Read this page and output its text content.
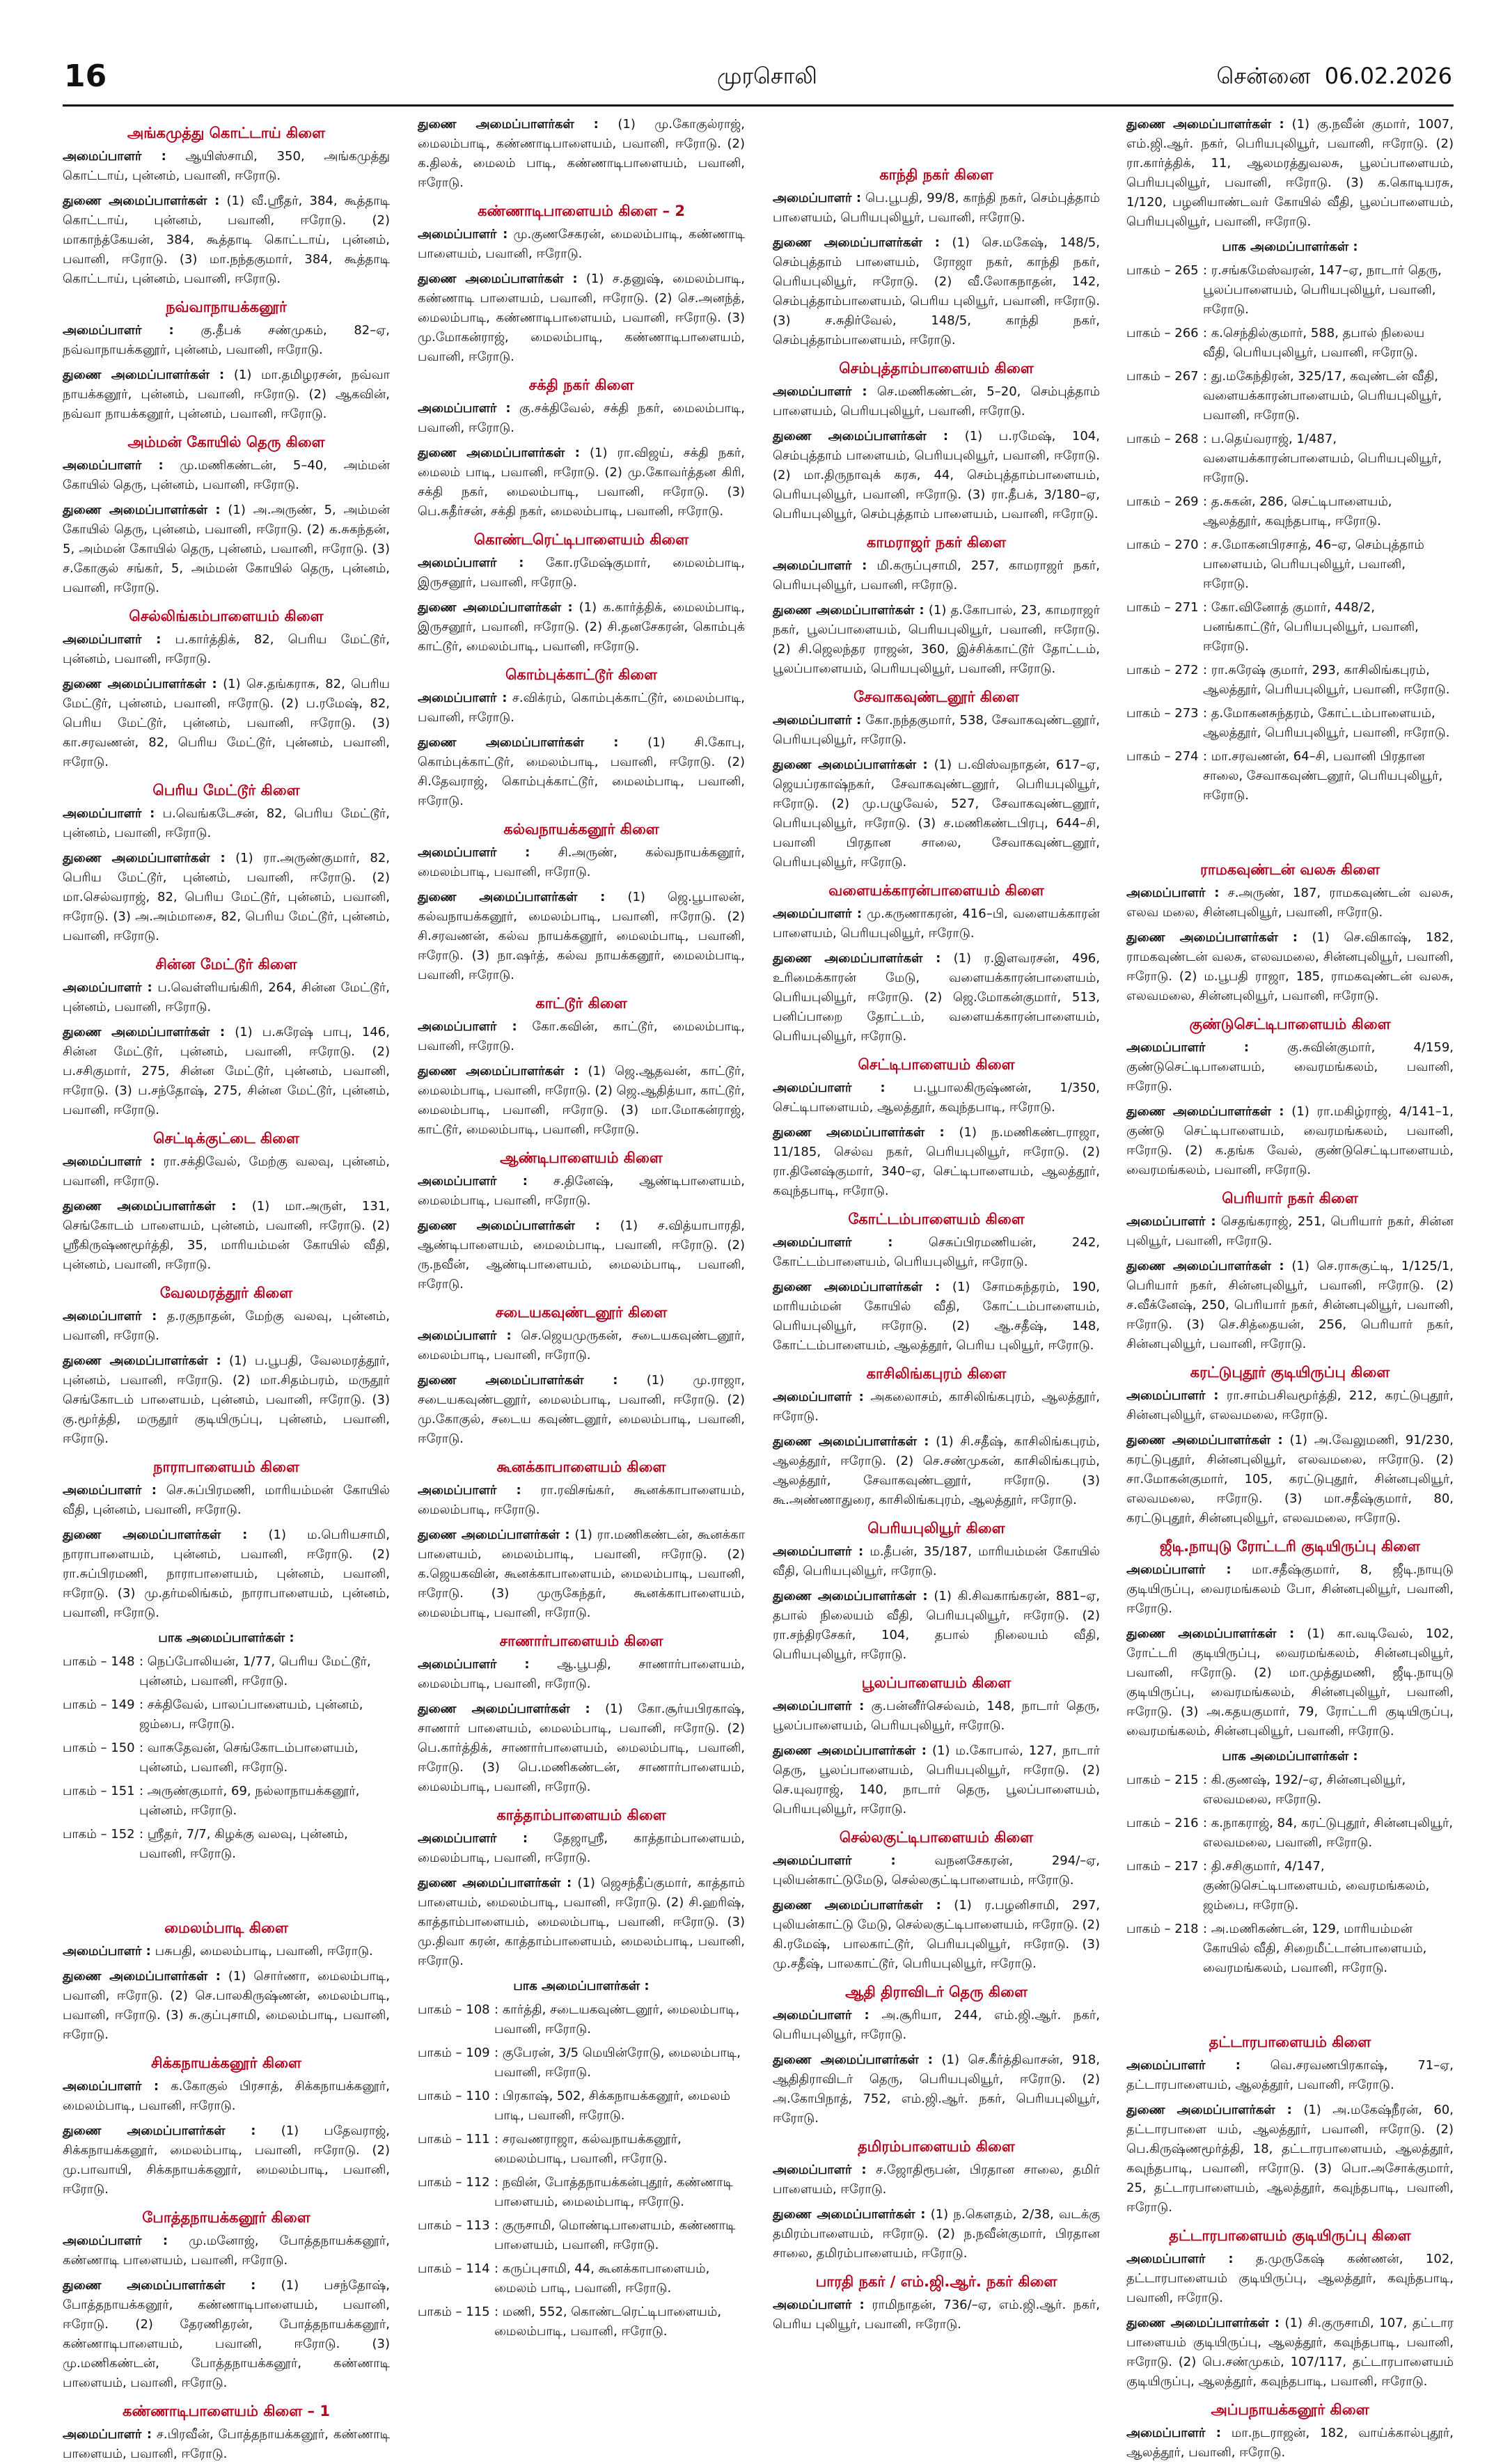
16	முரசொலி	சென்னை 06.02.2026
அங்கமுத்து கொட்டாய் கிளை

அமைப்பாளர் : ஆயிஸ்சாமி, 350, அங்கமுத்து கொட்டாய், புன்னம், பவானி, ஈரோடு.

துணை அமைப்பாளர்கள் : (1) வீ.ஸ்ரீதர், 384, கூத்தாடி கொட்டாய், புன்னம், பவானி, ஈரோடு. (2) மாகாந்த்கேயன், 384, கூத்தாடி கொட்டாய், புன்னம், பவானி, ஈரோடு. (3) மா.நந்தகுமார், 384, கூத்தாடி கொட்டாய், புன்னம், பவானி, ஈரோடு.

நவ்வாநாயக்கனூர்

அமைப்பாளர் : கு.தீபக் சண்முகம், 82–ஏ, நவ்வாநாயக்கனூர், புன்னம், பவானி, ஈரோடு.

துணை அமைப்பாளர்கள் : (1) மா.தமிழரசன், நவ்வா நாயக்கனூர், புன்னம், பவானி, ஈரோடு. (2) ஆகவின், நவ்வா நாயக்கனூர், புன்னம், பவானி, ஈரோடு.

அம்மன் கோயில் தெரு கிளை

அமைப்பாளர் : மு.மணிகண்டன், 5–40, அம்மன் கோயில் தெரு, புன்னம், பவானி, ஈரோடு.

துணை அமைப்பாளர்கள் : (1) அ.அருண், 5, அம்மன் கோயில் தெரு, புன்னம், பவானி, ஈரோடு. (2) க.சுகந்தன், 5, அம்மன் கோயில் தெரு, புன்னம், பவானி, ஈரோடு. (3) ச.கோகுல் சங்கர், 5, அம்மன் கோயில் தெரு, புன்னம், பவானி, ஈரோடு.

செல்லிங்கம்பாளையம் கிளை

அமைப்பாளர் : ப.கார்த்திக், 82, பெரிய மேட்டூர், புன்னம், பவானி, ஈரோடு.

துணை அமைப்பாளர்கள் : (1) செ.தங்கராசு, 82, பெரிய மேட்டூர், புன்னம், பவானி, ஈரோடு. (2) ப.ரமேஷ், 82, பெரிய மேட்டூர், புன்னம், பவானி, ஈரோடு. (3) கா.சரவணன், 82, பெரிய மேட்டூர், புன்னம், பவானி, ஈரோடு.

பெரிய மேட்டூர் கிளை

அமைப்பாளர் : ப.வெங்கடேசன், 82, பெரிய மேட்டூர், புன்னம், பவானி, ஈரோடு.

துணை அமைப்பாளர்கள் : (1) ரா.அருண்குமார், 82, பெரிய மேட்டூர், புன்னம், பவானி, ஈரோடு. (2) மா.செல்வராஜ், 82, பெரிய மேட்டூர், புன்னம், பவானி, ஈரோடு. (3) அ.அம்மாசை, 82, பெரிய மேட்டூர், புன்னம், பவானி, ஈரோடு.

சின்ன மேட்டூர் கிளை

அமைப்பாளர் : ப.வெள்ளியங்கிரி, 264, சின்ன மேட்டூர், புன்னம், பவானி, ஈரோடு.

துணை அமைப்பாளர்கள் : (1) ப.சுரேஷ் பாபு, 146, சின்ன மேட்டூர், புன்னம், பவானி, ஈரோடு. (2) ப.சசிகுமார், 275, சின்ன மேட்டூர், புன்னம், பவானி, ஈரோடு. (3) ப.சந்தோஷ், 275, சின்ன மேட்டூர், புன்னம், பவானி, ஈரோடு.

செட்டிக்குட்டை கிளை

அமைப்பாளர் : ரா.சக்திவேல், மேற்கு வலவு, புன்னம், பவானி, ஈரோடு.

துணை அமைப்பாளர்கள் : (1) மா.அருள், 131, செங்கோடம் பாளையம், புன்னம், பவானி, ஈரோடு. (2) ஸ்ரீகிருஷ்ணமூர்த்தி, 35, மாரியம்மன் கோயில் வீதி, புன்னம், பவானி, ஈரோடு.

வேலமரத்தூர் கிளை

அமைப்பாளர் : த.ரகுநாதன், மேற்கு வலவு, புன்னம், பவானி, ஈரோடு.

துணை அமைப்பாளர்கள் : (1) ப.பூபதி, வேலமரத்தூர், புன்னம், பவானி, ஈரோடு. (2) மா.சிதம்பரம், மருதூர் செங்கோடம் பாளையம், புன்னம், பவானி, ஈரோடு. (3) கு.மூர்த்தி, மருதூர் குடியிருப்பு, புன்னம், பவானி, ஈரோடு.

நாராபாளையம் கிளை

அமைப்பாளர் : செ.சுப்பிரமணி, மாரியம்மன் கோயில் வீதி, புன்னம், பவானி, ஈரோடு.

துணை அமைப்பாளர்கள் : (1) ம.பெரியசாமி, நாராபாளையம், புன்னம், பவானி, ஈரோடு. (2) ரா.சுப்பிரமணி, நாராபாளையம், புன்னம், பவானி, ஈரோடு. (3) மு.தர்மலிங்கம், நாராபாளையம், புன்னம், பவானி, ஈரோடு.

பாக அமைப்பாளர்கள் :
பாகம் – 148 : நெப்போலியன், 1/77, பெரிய மேட்டூர், புன்னம், பவானி, ஈரோடு.
பாகம் – 149 : சக்திவேல், பாலப்பாளையம், புன்னம், ஜம்பை, ஈரோடு.
பாகம் – 150 : வாசுதேவன், செங்கோடம்பாளையம், புன்னம், பவானி, ஈரோடு.
பாகம் – 151 : அருண்குமார், 69, நல்லாநாயக்கனூர், புன்னம், ஈரோடு.
பாகம் – 152 : ஸ்ரீதர், 7/7, கிழக்கு வலவு, புன்னம், பவானி, ஈரோடு.
மைலம்பாடி கிளை

அமைப்பாளர் : பசுபதி, மைலம்பாடி, பவானி, ஈரோடு.

துணை அமைப்பாளர்கள் : (1) சொர்ணா, மைலம்பாடி, பவானி, ஈரோடு. (2) செ.பாலகிருஷ்ணன், மைலம்பாடி, பவானி, ஈரோடு. (3) சு.குப்புசாமி, மைலம்பாடி, பவானி, ஈரோடு.

சிக்கநாயக்கனூர் கிளை

அமைப்பாளர் : க.கோகுல் பிரசாத், சிக்கநாயக்கனூர், மைலம்பாடி, பவானி, ஈரோடு.

துணை அமைப்பாளர்கள் : (1) பதேவராஜ், சிக்கநாயக்கனூர், மைலம்பாடி, பவானி, ஈரோடு. (2) மு.பாவாயி, சிக்கநாயக்கனூர், மைலம்பாடி, பவானி, ஈரோடு.

போத்தநாயக்கனூர் கிளை

அமைப்பாளர் : மு.மனோஜ், போத்தநாயக்கனூர், கண்ணாடி பாளையம், பவானி, ஈரோடு.

துணை அமைப்பாளர்கள் : (1) பசந்தோஷ், போத்தநாயக்கனூர், கண்ணாடிபாளையம், பவானி, ஈரோடு. (2) தேரணிதரன், போத்தநாயக்கனூர், கண்ணாடிபாளையம், பவானி, ஈரோடு. (3) மு.மணிகண்டன், போத்தநாயக்கனூர், கண்ணாடி பாளையம், பவானி, ஈரோடு.

கண்ணாடிபாளையம் கிளை – 1

அமைப்பாளர் : ச.பிரவீன், போத்தநாயக்கனூர், கண்ணாடி பாளையம், பவானி, ஈரோடு.

துணை அமைப்பாளர்கள் : (1) மு.கோகுல்ராஜ், மைலம்பாடி, கண்ணாடிபாளையம், பவானி, ஈரோடு. (2) க.திலக், மைலம் பாடி, கண்ணாடிபாளையம், பவானி, ஈரோடு.

கண்ணாடிபாளையம் கிளை – 2

அமைப்பாளர் : மு.குணசேகரன், மைலம்பாடி, கண்ணாடி பாளையம், பவானி, ஈரோடு.

துணை அமைப்பாளர்கள் : (1) ச.தனுஷ், மைலம்பாடி, கண்ணாடி பாளையம், பவானி, ஈரோடு. (2) செ.அனந்த், மைலம்பாடி, கண்ணாடிபாளையம், பவானி, ஈரோடு. (3) மு.மோகன்ராஜ், மைலம்பாடி, கண்ணாடிபாளையம், பவானி, ஈரோடு.

சக்தி நகர் கிளை

அமைப்பாளர் : கு.சக்திவேல், சக்தி நகர், மைலம்பாடி, பவானி, ஈரோடு.

துணை அமைப்பாளர்கள் : (1) ரா.விஜய், சக்தி நகர், மைலம் பாடி, பவானி, ஈரோடு. (2) மு.கோவர்த்தன கிரி, சக்தி நகர், மைலம்பாடி, பவானி, ஈரோடு. (3) பெ.சுதீர்சன், சக்தி நகர், மைலம்பாடி, பவானி, ஈரோடு.

கொண்டரெட்டிபாளையம் கிளை

அமைப்பாளர் : கோ.ரமேஷ்குமார், மைலம்பாடி, இருசனூர், பவானி, ஈரோடு.

துணை அமைப்பாளர்கள் : (1) க.கார்த்திக், மைலம்பாடி, இருசனூர், பவானி, ஈரோடு. (2) சி.தனசேகரன், கொம்புக் காட்டூர், மைலம்பாடி, பவானி, ஈரோடு.

கொம்புக்காட்டூர் கிளை

அமைப்பாளர் : ச.விக்ரம், கொம்புக்காட்டூர், மைலம்பாடி, பவானி, ஈரோடு.

துணை அமைப்பாளர்கள் : (1) சி.கோபு, கொம்புக்காட்டூர், மைலம்பாடி, பவானி, ஈரோடு. (2) சி.தேவராஜ், கொம்புக்காட்டூர், மைலம்பாடி, பவானி, ஈரோடு.

கல்வநாயக்கனூர் கிளை

அமைப்பாளர் : சி.அருண், கல்வநாயக்கனூர், மைலம்பாடி, பவானி, ஈரோடு.

துணை அமைப்பாளர்கள் : (1) ஜெ.பூபாலன், கல்வநாயக்கனூர், மைலம்பாடி, பவானி, ஈரோடு. (2) சி.சரவணன், கல்வ நாயக்கனூர், மைலம்பாடி, பவானி, ஈரோடு. (3) நா.ஷர்த், கல்வ நாயக்கனூர், மைலம்பாடி, பவானி, ஈரோடு.

காட்டூர் கிளை

அமைப்பாளர் : கோ.கவின், காட்டூர், மைலம்பாடி, பவானி, ஈரோடு.

துணை அமைப்பாளர்கள் : (1) ஜெ.ஆதவன், காட்டூர், மைலம்பாடி, பவானி, ஈரோடு. (2) ஜெ.ஆதித்யா, காட்டூர், மைலம்பாடி, பவானி, ஈரோடு. (3) மா.மோகன்ராஜ், காட்டூர், மைலம்பாடி, பவானி, ஈரோடு.

ஆண்டிபாளையம் கிளை

அமைப்பாளர் : ச.தினேஷ், ஆண்டிபாளையம், மைலம்பாடி, பவானி, ஈரோடு.

துணை அமைப்பாளர்கள் : (1) ச.வித்யாபாரதி, ஆண்டிபாளையம், மைலம்பாடி, பவானி, ஈரோடு. (2) ரு.நவீன், ஆண்டிபாளையம், மைலம்பாடி, பவானி, ஈரோடு.

சடையகவுண்டனூர் கிளை

அமைப்பாளர் : செ.ஜெயமுருகன், சடையகவுண்டனூர், மைலம்பாடி, பவானி, ஈரோடு.

துணை அமைப்பாளர்கள் : (1) மு.ராஜா, சடையகவுண்டனூர், மைலம்பாடி, பவானி, ஈரோடு. (2) மு.கோகுல், சடைய கவுண்டனூர், மைலம்பாடி, பவானி, ஈரோடு.

கூனக்காபாளையம் கிளை

அமைப்பாளர் : ரா.ரவிசங்கர், கூனக்காபாளையம், மைலம்பாடி, ஈரோடு.

துணை அமைப்பாளர்கள் : (1) ரா.மணிகண்டன், கூனக்கா பாளையம், மைலம்பாடி, பவானி, ஈரோடு. (2) க.ஜெயகவின், கூனக்காபாளையம், மைலம்பாடி, பவானி, ஈரோடு. (3) முருகேந்தர், கூனக்காபாளையம், மைலம்பாடி, பவானி, ஈரோடு.

சாணார்பாளையம் கிளை

அமைப்பாளர் : ஆ.பூபதி, சாணார்பாளையம், மைலம்பாடி, பவானி, ஈரோடு.

துணை அமைப்பாளர்கள் : (1) கோ.சூர்யபிரகாஷ், சாணார் பாளையம், மைலம்பாடி, பவானி, ஈரோடு. (2) பெ.கார்த்திக், சாணார்பாளையம், மைலம்பாடி, பவானி, ஈரோடு. (3) பெ.மணிகண்டன், சாணார்பாளையம், மைலம்பாடி, பவானி, ஈரோடு.

காத்தாம்பாளையம் கிளை

அமைப்பாளர் : தேஜாஸ்ரீ, காத்தாம்பாளையம், மைலம்பாடி, பவானி, ஈரோடு.

துணை அமைப்பாளர்கள் : (1) ஜெசந்தீப்குமார், காத்தாம் பாளையம், மைலம்பாடி, பவானி, ஈரோடு. (2) சி.ஹரிஷ், காத்தாம்பாளையம், மைலம்பாடி, பவானி, ஈரோடு. (3) மு.திவா கரன், காத்தாம்பாளையம், மைலம்பாடி, பவானி, ஈரோடு.

பாக அமைப்பாளர்கள் :
பாகம் – 108 : கார்த்தி, சடையகவுண்டனூர், மைலம்பாடி, பவானி, ஈரோடு.
பாகம் – 109 : குபேரன், 3/5 மெயின்ரோடு, மைலம்பாடி, பவானி, ஈரோடு.
பாகம் – 110 : பிரகாஷ், 502, சிக்கநாயக்கனூர், மைலம் பாடி, பவானி, ஈரோடு.
பாகம் – 111 : சரவணராஜா, கல்வநாயக்கனூர், மைலம்பாடி, பவானி, ஈரோடு.
பாகம் – 112 : நவின், போத்தநாயக்கன்புதூர், கண்ணாடி பாளையம், மைலம்பாடி, ஈரோடு.
பாகம் – 113 : குருசாமி, மொண்டிபாளையம், கண்ணாடி பாளையம், பவானி, ஈரோடு.
பாகம் – 114 : கருப்புசாமி, 44, கூனக்காபாளையம், மைலம் பாடி, பவானி, ஈரோடு.
பாகம் – 115 : மணி, 552, கொண்டரெட்டிபாளையம், மைலம்பாடி, பவானி, ஈரோடு.
காந்தி நகர் கிளை

அமைப்பாளர் : பெ.பூபதி, 99/8, காந்தி நகர், செம்புத்தாம் பாளையம், பெரியபுலியூர், பவானி, ஈரோடு.

துணை அமைப்பாளர்கள் : (1) செ.மகேஷ், 148/5, செம்புத்தாம் பாளையம், ரோஜா நகர், காந்தி நகர், பெரியபுலியூர், ஈரோடு. (2) வீ.லோகநாதன், 142, செம்புத்தாம்பாளையம், பெரிய புலியூர், பவானி, ஈரோடு. (3) ச.சுதிர்வேல், 148/5, காந்தி நகர், செம்புத்தாம்பாளையம், ஈரோடு.

செம்புத்தாம்பாளையம் கிளை

அமைப்பாளர் : செ.மணிகண்டன், 5–20, செம்புத்தாம் பாளையம், பெரியபுலியூர், பவானி, ஈரோடு.

துணை அமைப்பாளர்கள் : (1) ப.ரமேஷ், 104, செம்புத்தாம் பாளையம், பெரியபுலியூர், பவானி, ஈரோடு. (2) மா.திருநாவுக் கரசு, 44, செம்புத்தாம்பாளையம், பெரியபுலியூர், பவானி, ஈரோடு. (3) ரா.தீபக், 3/180–ஏ, பெரியபுலியூர், செம்புத்தாம் பாளையம், பவானி, ஈரோடு.

காமராஜர் நகர் கிளை

அமைப்பாளர் : மி.கருப்புசாமி, 257, காமராஜர் நகர், பெரியபுலியூர், பவானி, ஈரோடு.

துணை அமைப்பாளர்கள் : (1) த.கோபால், 23, காமராஜர் நகர், பூலப்பாளையம், பெரியபுலியூர், பவானி, ஈரோடு. (2) சி.ஜெலந்தர ராஜன், 360, இச்சிக்காட்டூர் தோட்டம், பூலப்பாளையம், பெரியபுலியூர், பவானி, ஈரோடு.

சேவாகவுண்டனூர் கிளை

அமைப்பாளர் : கோ.நந்தகுமார், 538, சேவாகவுண்டனூர், பெரியபுலியூர், ஈரோடு.

துணை அமைப்பாளர்கள் : (1) ப.விஸ்வநாதன், 617–ஏ, ஜெயப்ரகாஷ்நகர், சேவாகவுண்டனூர், பெரியபுலியூர், ஈரோடு. (2) மு.பழுவேல், 527, சேவாகவுண்டனூர், பெரியபுலியூர், ஈரோடு. (3) ச.மணிகண்டபிரபு, 644–சி, பவானி பிரதான சாலை, சேவாகவுண்டனூர், பெரியபுலியூர், ஈரோடு.

வளையக்காரன்பாளையம் கிளை

அமைப்பாளர் : மு.கருணாகரன், 416–பி, வளையக்காரன் பாளையம், பெரியபுலியூர், ஈரோடு.

துணை அமைப்பாளர்கள் : (1) ர.இளவரசன், 496, உரிமைக்காரன் மேடு, வளையக்காரன்பாளையம், பெரியபுலியூர், ஈரோடு. (2) ஜெ.மோகன்குமார், 513, பனிப்பாறை தோட்டம், வளையக்காரன்பாளையம், பெரியபுலியூர், ஈரோடு.

செட்டிபாளையம் கிளை

அமைப்பாளர் : ப.பூபாலகிருஷ்ணன், 1/350, செட்டிபாளையம், ஆலத்தூர், கவுந்தபாடி, ஈரோடு.

துணை அமைப்பாளர்கள் : (1) ந.மணிகண்டராஜா, 11/185, செல்வ நகர், பெரியபுலியூர், ஈரோடு. (2) ரா.தினேஷ்குமார், 340–ஏ, செட்டிபாளையம், ஆலத்தூர், கவுந்தபாடி, ஈரோடு.

கோட்டம்பாளையம் கிளை

அமைப்பாளர் :	செசுப்பிரமணியன், 242, கோட்டம்பாளையம், பெரியபுலியூர், ஈரோடு.

துணை அமைப்பாளர்கள் : (1) சோமசுந்தரம், 190, மாரியம்மன் கோயில் வீதி, கோட்டம்பாளையம், பெரியபுலியூர், ஈரோடு. (2) ஆ.சதீஷ், 148, கோட்டம்பாளையம், ஆலத்தூர், பெரிய புலியூர், ஈரோடு.

காசிலிங்கபுரம் கிளை

அமைப்பாளர் : அகலைாசம், காசிலிங்கபுரம், ஆலத்தூர், ஈரோடு.

துணை அமைப்பாளர்கள் : (1) சி.சதீஷ், காசிலிங்கபுரம், ஆலத்தூர், ஈரோடு. (2) செ.சண்முகன், காசிலிங்கபுரம், ஆலத்தூர், சேவாகவுண்டனூர், ஈரோடு. (3) கூ.அண்ணாதுரை, காசிலிங்கபுரம், ஆலத்தூர், ஈரோடு.

பெரியபுலியூர் கிளை

அமைப்பாளர் : ம.தீபன், 35/187, மாரியம்மன் கோயில் வீதி, பெரியபுலியூர், ஈரோடு.

துணை அமைப்பாளர்கள் : (1) கி.சிவகாங்கரன், 881–ஏ, தபால் நிலையம் வீதி, பெரியபுலியூர், ஈரோடு. (2) ரா.சந்திரசேகர், 104, தபால் நிலையம் வீதி, பெரியபுலியூர், ஈரோடு.

பூலப்பாளையம் கிளை

அமைப்பாளர் : கு.பன்னீர்செல்வம், 148, நாடார் தெரு, பூலப்பாளையம், பெரியபுலியூர், ஈரோடு.

துணை அமைப்பாளர்கள் : (1) ம.கோபால், 127, நாடார் தெரு, பூலப்பாளையம், பெரியபுலியூர், ஈரோடு. (2) செ.யுவராஜ், 140, நாடார் தெரு, பூலப்பாளையம், பெரியபுலியூர், ஈரோடு.

செல்லகுட்டிபாளையம் கிளை

அமைப்பாளர் :	வநனசேகரன், 294/–ஏ, புலியன்காட்டுமேடு, செல்லகுட்டிபாளையம், ஈரோடு.

துணை அமைப்பாளர்கள் : (1) ர.பழனிசாமி, 297, புலியன்காட்டு மேடு, செல்லகுட்டிபாளையம், ஈரோடு. (2) கி.ரமேஷ், பாலகாட்டூர், பெரியபுலியூர், ஈரோடு. (3) மு.சதீஷ், பாலகாட்டூர், பெரியபுலியூர், ஈரோடு.

ஆதி திராவிடர் தெரு கிளை

அமைப்பாளர் : அ.சூரியா, 244, எம்.ஜி.ஆர். நகர், பெரியபுலியூர், ஈரோடு.

துணை அமைப்பாளர்கள் : (1) செ.கீர்த்திவாசன், 918, ஆதிதிராவிடர் தெரு, பெரியபுலியூர், ஈரோடு. (2) அ.கோபிநாத், 752, எம்.ஜி.ஆர். நகர், பெரியபுலியூர், ஈரோடு.

தமிரம்பாளையம் கிளை

அமைப்பாளர் : ச.ஜோதிரூபன், பிரதான சாலை, தமிர் பாளையம், ஈரோடு.

துணை அமைப்பாளர்கள் : (1) ந.கௌதம், 2/38, வடக்கு தமிரம்பாளையம், ஈரோடு. (2) ந.நவீன்குமார், பிரதான சாலை, தமிரம்பாளையம், ஈரோடு.

பாரதி நகர் / எம்.ஜி.ஆர். நகர் கிளை

அமைப்பாளர் : ராமிநாதன், 736/–ஏ, எம்.ஜி.ஆர். நகர், பெரிய புலியூர், பவானி, ஈரோடு.

துணை அமைப்பாளர்கள் : (1) கு.நவீன் குமார், 1007, எம்.ஜி.ஆர். நகர், பெரியபுலியூர், பவானி, ஈரோடு. (2) ரா.கார்த்திக், 11, ஆலமரத்துவலசு, பூலப்பாளையம், பெரியபுலியூர், பவானி, ஈரோடு. (3) க.கொடியரசு, 1/120, பழனியாண்டவர் கோயில் வீதி, பூலப்பாளையம், பெரியபுலியூர், பவானி, ஈரோடு.

பாக அமைப்பாளர்கள் :
பாகம் – 265 : ர.சங்கமேஸ்வரன், 147–ஏ, நாடார் தெரு, பூலப்பாளையம், பெரியபுலியூர், பவானி, ஈரோடு.
பாகம் – 266 : க.செந்தில்குமார், 588, தபால் நிலைய வீதி, பெரியபுலியூர், பவானி, ஈரோடு.
பாகம் – 267 : து.மகேந்திரன், 325/17, கவுண்டன் வீதி, வளையக்காரன்பாளையம், பெரியபுலியூர், பவானி, ஈரோடு.
பாகம் – 268 : ப.தெய்வராஜ், 1/487, வளையக்காரன்பாளையம், பெரியபுலியூர், ஈரோடு.
பாகம் – 269 : த.சுகன், 286, செட்டிபாளையம், ஆலத்தூர், கவுந்தபாடி, ஈரோடு.
பாகம் – 270 : ச.மோகனபிரசாத், 46–ஏ, செம்புத்தாம் பாளையம், பெரியபுலியூர், பவானி, ஈரோடு.
பாகம் – 271 : கோ.வினோத் குமார், 448/2, பனங்காட்டூர், பெரியபுலியூர், பவானி, ஈரோடு.
பாகம் – 272 : ரா.சுரேஷ் குமார், 293, காசிலிங்கபுரம், ஆலத்தூர், பெரியபுலியூர், பவானி, ஈரோடு.
பாகம் – 273 : த.மோகனசுந்தரம், கோட்டம்பாளையம், ஆலத்தூர், பெரியபுலியூர், பவானி, ஈரோடு.
பாகம் – 274 : மா.சரவணன், 64–சி, பவானி பிரதான சாலை, சேவாகவுண்டனூர், பெரியபுலியூர், ஈரோடு.
ராமகவுண்டன் வலசு கிளை

அமைப்பாளர் : ச.அருண், 187, ராமகவுண்டன் வலசு, எலவ மலை, சின்னபுலியூர், பவானி, ஈரோடு.

துணை அமைப்பாளர்கள் : (1) செ.விகாஷ், 182, ராமகவுண்டன் வலசு, எலவமலை, சின்னபுலியூர், பவானி, ஈரோடு. (2) ம.பூபதி ராஜா, 185, ராமகவுண்டன் வலசு, எலவமலை, சின்னபுலியூர், பவானி, ஈரோடு.

குண்டுசெட்டிபாளையம் கிளை

அமைப்பாளர் :	கு.சுவின்குமார், 4/159, குண்டுசெட்டிபாளையம், வைரமங்கலம், பவானி, ஈரோடு.

துணை அமைப்பாளர்கள் : (1) ரா.மகிழ்ராஜ், 4/141–1, குண்டு செட்டிபாளையம், வைரமங்கலம், பவானி, ஈரோடு. (2) க.தங்க வேல், குண்டுசெட்டிபாளையம், வைரமங்கலம், பவானி, ஈரோடு.

பெரியார் நகர் கிளை

அமைப்பாளர் : செதங்கராஜ், 251, பெரியார் நகர், சின்ன புலியூர், பவானி, ஈரோடு.

துணை அமைப்பாளர்கள் : (1) செ.ராசுகுட்டி, 1/125/1, பெரியார் நகர், சின்னபுலியூர், பவானி, ஈரோடு. (2) ச.வீக்னேஷ், 250, பெரியார் நகர், சின்னபுலியூர், பவானி, ஈரோடு. (3) செ.சித்தையன், 256, பெரியார் நகர், சின்னபுலியூர், பவானி, ஈரோடு.

கரட்டுபுதூர் குடியிருப்பு கிளை

அமைப்பாளர் : ரா.சாம்பசிவமூர்த்தி, 212, கரட்டுபுதூர், சின்னபுலியூர், எலவமலை, ஈரோடு.

துணை அமைப்பாளர்கள் : (1) அ.வேலுமணி, 91/230, கரட்டுபுதூர், சின்னபுலியூர், எலவமலை, ஈரோடு. (2) சா.மோகன்குமார், 105, கரட்டுபுதூர், சின்னபுலியூர், எலவமலை, ஈரோடு. (3) மா.சதீஷ்குமார், 80, கரட்டுபுதூர், சின்னபுலியூர், எலவமலை, ஈரோடு.

ஜீடி.நாயுடு ரோட்டரி குடியிருப்பு கிளை

அமைப்பாளர் : மா.சதீஷ்குமார், 8, ஜீடி.நாயுடு குடியிருப்பு, வைரமங்கலம் போ, சின்னபுலியூர், பவானி, ஈரோடு.

துணை அமைப்பாளர்கள் : (1) கா.வடிவேல், 102, ரோட்டரி குடியிருப்பு, வைரமங்கலம், சின்னபுலியூர், பவானி, ஈரோடு. (2) மா.முத்துமணி, ஜீடி.நாயுடு குடியிருப்பு, வைரமங்கலம், சின்னபுலியூர், பவானி, ஈரோடு. (3) அ.கதயகுமார், 79, ரோட்டரி குடியிருப்பு, வைரமங்கலம், சின்னபுலியூர், பவானி, ஈரோடு.

பாக அமைப்பாளர்கள் :
பாகம் – 215 : கி.குணஷ், 192/–ஏ, சின்னபுலியூர், எலவமலை, ஈரோடு.
பாகம் – 216 : க.நாகராஜ், 84, கரட்டுபுதூர், சின்னபுலியூர், எலவமலை, பவானி, ஈரோடு.
பாகம் – 217 : தி.சசிகுமார், 4/147, குண்டுசெட்டிபாளையம், வைரமங்கலம், ஜம்பை, ஈரோடு.
பாகம் – 218 : அ.மணிகண்டன், 129, மாரியம்மன் கோயில் வீதி, சிறைமீட்டான்பாளையம், வைரமங்கலம், பவானி, ஈரோடு.
தட்டாரபாளையம் கிளை

அமைப்பாளர் : வெ.சரவணபிரகாஷ், 71–ஏ, தட்டாரபாளையம், ஆலத்தூர், பவானி, ஈரோடு.

துணை அமைப்பாளர்கள் : (1) அ.மகேஷ்நீரன், 60, தட்டாரபாளை யம், ஆலத்தூர், பவானி, ஈரோடு. (2) பெ.கிருஷ்ணமூர்த்தி, 18, தட்டாரபாளையம், ஆலத்தூர், கவுந்தபாடி, பவானி, ஈரோடு. (3) பொ.அசோக்குமார், 25, தட்டாரபாளையம், ஆலத்தூர், கவுந்தபாடி, பவானி, ஈரோடு.

தட்டாரபாளையம் குடியிருப்பு கிளை

அமைப்பாளர் : த.முருகேஷ் கண்ணன், 102, தட்டாரபாளையம் குடியிருப்பு, ஆலத்தூர், கவுந்தபாடி, பவானி, ஈரோடு.

துணை அமைப்பாளர்கள் : (1) சி.குருசாமி, 107, தட்டார பாளையம் குடியிருப்பு, ஆலத்தூர், கவுந்தபாடி, பவானி, ஈரோடு. (2) பெ.சண்முகம், 107/117, தட்டாரபாளையம் குடியிருப்பு, ஆலத்தூர், கவுந்தபாடி, பவானி, ஈரோடு.

அப்பநாயக்கனூர் கிளை

அமைப்பாளர் : மா.நடராஜன், 182, வாய்க்கால்புதூர், ஆலத்தூர், பவானி, ஈரோடு.
